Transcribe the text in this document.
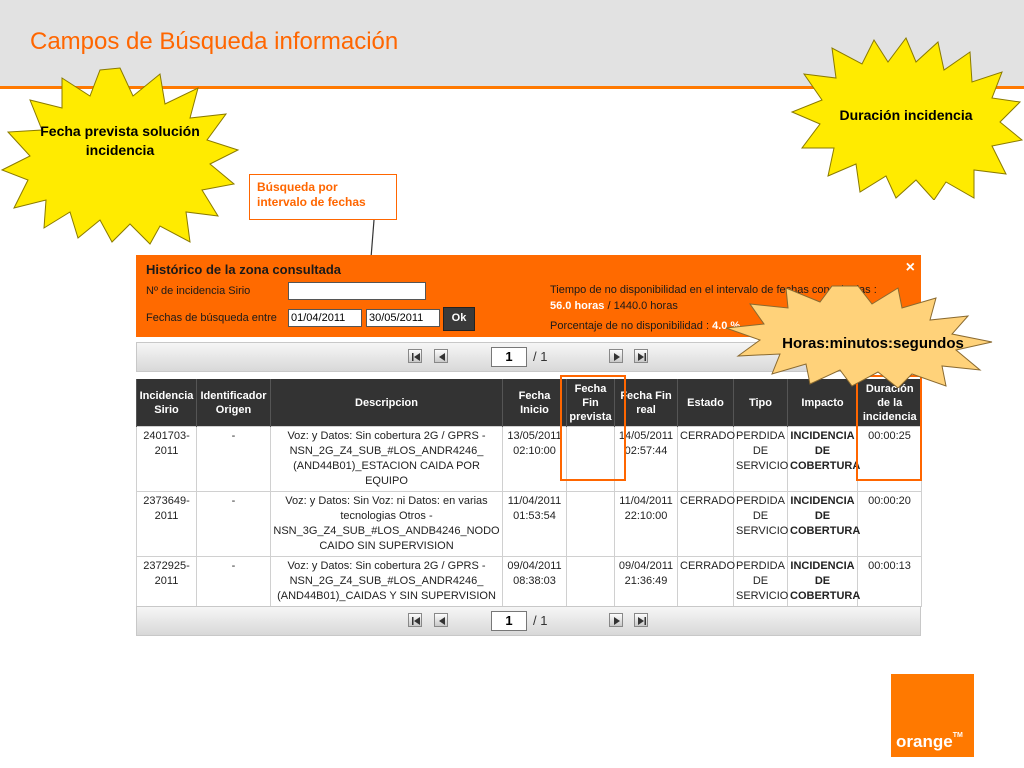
Campos de Búsqueda información
Fecha prevista solución incidencia
Duración incidencia
Búsqueda por intervalo de fechas
Histórico de la zona consultada	×
Nº de incidencia Sirio
Fechas de búsqueda entre 01/04/2011	30/05/2011	Ok
Tiempo de no disponibilidad en el intervalo de fechas consultadas :
56.0 horas / 1440.0 horas
Porcentaje de no disponibilidad : 4.0 %
1	/ 1
Incidencia Sirio	Identificador Origen	Descripcion	Fecha Inicio	Fecha Fin prevista	Fecha Fin real	Estado	Tipo	Impacto	Duración de la incidencia
2401703-2011	-	Voz: y Datos: Sin cobertura 2G / GPRS - NSN_2G_Z4_SUB_#LOS_ANDR4246_ (AND44B01)_ESTACION CAIDA POR EQUIPO	13/05/2011 02:10:00		14/05/2011 02:57:44	CERRADO	PERDIDA DE SERVICIO	INCIDENCIA DE COBERTURA	00:00:25
2373649-2011	-	Voz: y Datos: Sin Voz: ni Datos: en varias tecnologias Otros - NSN_3G_Z4_SUB_#LOS_ANDB4246_NODO CAIDO SIN SUPERVISION	11/04/2011 01:53:54		11/04/2011 22:10:00	CERRADO	PERDIDA DE SERVICIO	INCIDENCIA DE COBERTURA	00:00:20
2372925-2011	-	Voz: y Datos: Sin cobertura 2G / GPRS - NSN_2G_Z4_SUB_#LOS_ANDR4246_ (AND44B01)_CAIDAS Y SIN SUPERVISION	09/04/2011 08:38:03		09/04/2011 21:36:49	CERRADO	PERDIDA DE SERVICIO	INCIDENCIA DE COBERTURA	00:00:13
Horas:minutos:segundos
1	/ 1
orange™
